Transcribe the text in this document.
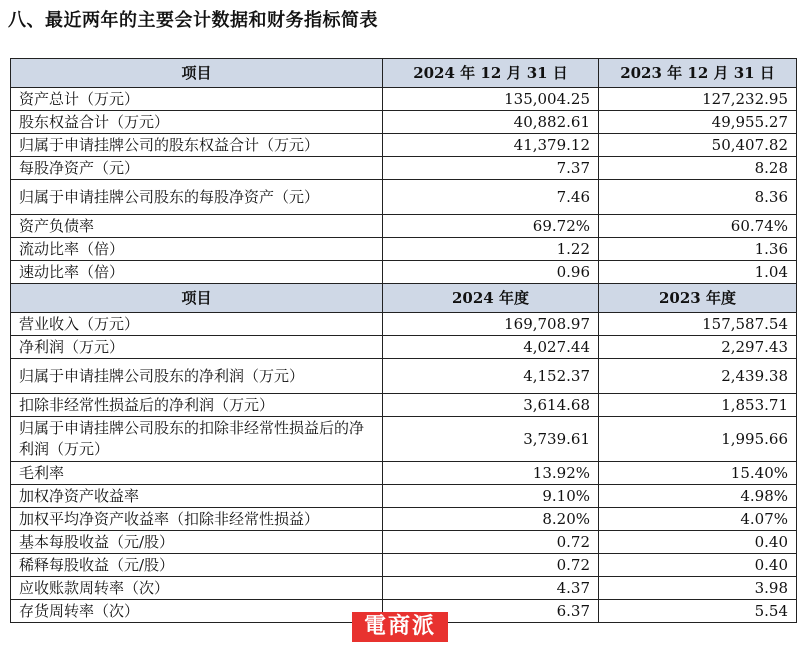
八、最近两年的主要会计数据和财务指标简表
项目	2024 年 12 月 31 日	2023 年 12 月 31 日
资产总计（万元）	135,004.25	127,232.95
股东权益合计（万元）	40,882.61	49,955.27
归属于申请挂牌公司的股东权益合计（万元）	41,379.12	50,407.82
每股净资产（元）	7.37	8.28
归属于申请挂牌公司股东的每股净资产（元）	7.46	8.36
资产负债率	69.72%	60.74%
流动比率（倍）	1.22	1.36
速动比率（倍）	0.96	1.04
项目	2024 年度	2023 年度
营业收入（万元）	169,708.97	157,587.54
净利润（万元）	4,027.44	2,297.43
归属于申请挂牌公司股东的净利润（万元）	4,152.37	2,439.38
扣除非经常性损益后的净利润（万元）	3,614.68	1,853.71
归属于申请挂牌公司股东的扣除非经常性损益后的净利润（万元）	3,739.61	1,995.66
毛利率	13.92%	15.40%
加权净资产收益率	9.10%	4.98%
加权平均净资产收益率（扣除非经常性损益）	8.20%	4.07%
基本每股收益（元/股）	0.72	0.40
稀释每股收益（元/股）	0.72	0.40
应收账款周转率（次）	4.37	3.98
存货周转率（次）	6.37	5.54
電商派
